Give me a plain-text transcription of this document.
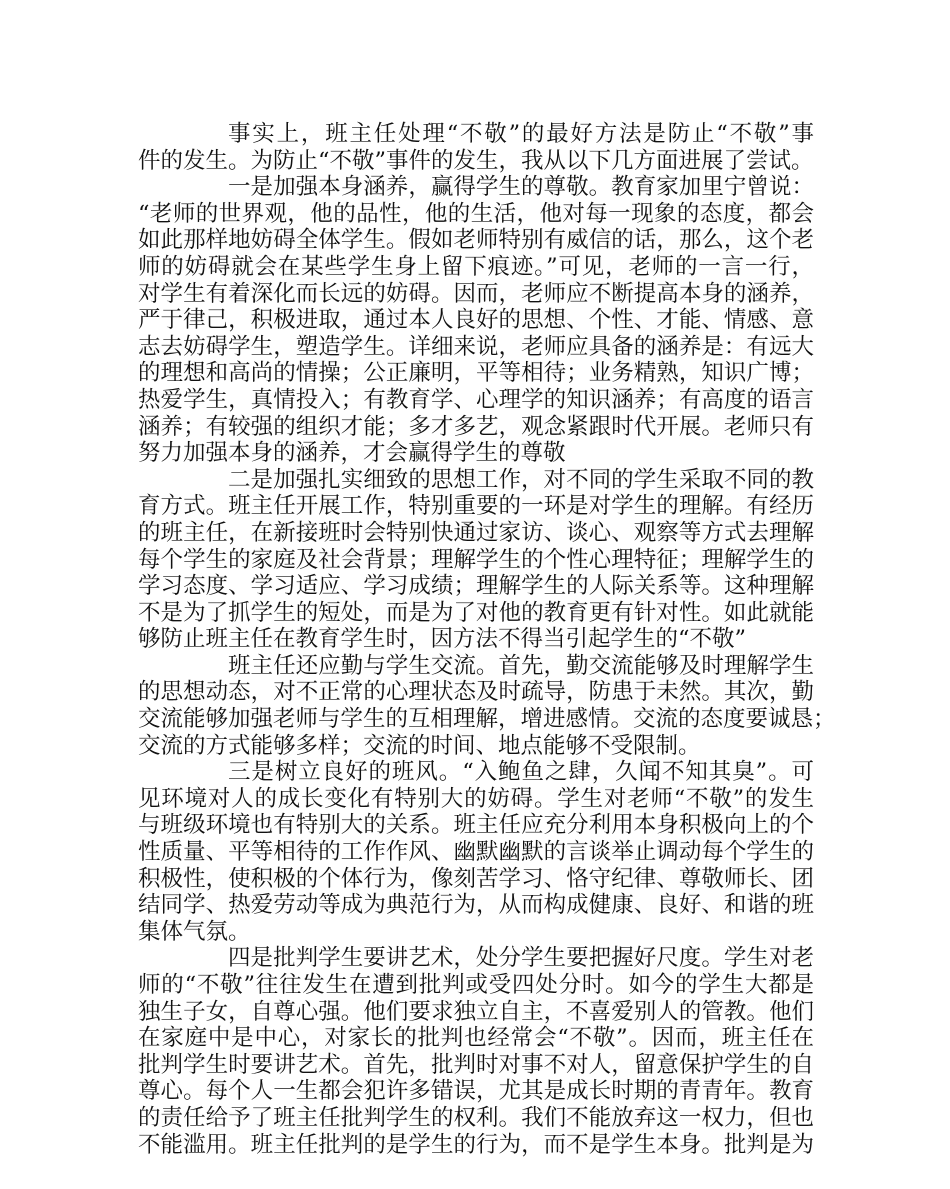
事实上，班主任处理“不敬”的最好方法是防止“不敬”事
件的发生。为防止“不敬”事件的发生，我从以下几方面进展了尝试。
一是加强本身涵养，赢得学生的尊敬。教育家加里宁曾说：
“老师的世界观，他的品性，他的生活，他对每一现象的态度，都会
如此那样地妨碍全体学生。假如老师特别有威信的话，那么，这个老
师的妨碍就会在某些学生身上留下痕迹。”可见，老师的一言一行，
对学生有着深化而长远的妨碍。因而，老师应不断提高本身的涵养，
严于律己，积极进取，通过本人良好的思想、个性、才能、情感、意
志去妨碍学生，塑造学生。详细来说，老师应具备的涵养是：有远大
的理想和高尚的情操；公正廉明，平等相待；业务精熟，知识广博；
热爱学生，真情投入；有教育学、心理学的知识涵养；有高度的语言
涵养；有较强的组织才能；多才多艺，观念紧跟时代开展。老师只有
努力加强本身的涵养，才会赢得学生的尊敬
二是加强扎实细致的思想工作，对不同的学生采取不同的教
育方式。班主任开展工作，特别重要的一环是对学生的理解。有经历
的班主任，在新接班时会特别快通过家访、谈心、观察等方式去理解
每个学生的家庭及社会背景；理解学生的个性心理特征；理解学生的
学习态度、学习适应、学习成绩；理解学生的人际关系等。这种理解
不是为了抓学生的短处，而是为了对他的教育更有针对性。如此就能
够防止班主任在教育学生时，因方法不得当引起学生的“不敬”
班主任还应勤与学生交流。首先，勤交流能够及时理解学生
的思想动态，对不正常的心理状态及时疏导，防患于未然。其次，勤
交流能够加强老师与学生的互相理解，增进感情。交流的态度要诚恳；
交流的方式能够多样；交流的时间、地点能够不受限制。
三是树立良好的班风。“入鲍鱼之肆，久闻不知其臭”。可
见环境对人的成长变化有特别大的妨碍。学生对老师“不敬”的发生
与班级环境也有特别大的关系。班主任应充分利用本身积极向上的个
性质量、平等相待的工作作风、幽默幽默的言谈举止调动每个学生的
积极性，使积极的个体行为，像刻苦学习、恪守纪律、尊敬师长、团
结同学、热爱劳动等成为典范行为，从而构成健康、良好、和谐的班
集体气氛。
四是批判学生要讲艺术，处分学生要把握好尺度。学生对老
师的“不敬”往往发生在遭到批判或受四处分时。如今的学生大都是
独生子女，自尊心强。他们要求独立自主，不喜爱别人的管教。他们
在家庭中是中心，对家长的批判也经常会“不敬”。因而，班主任在
批判学生时要讲艺术。首先，批判时对事不对人，留意保护学生的自
尊心。每个人一生都会犯许多错误，尤其是成长时期的青青年。教育
的责任给予了班主任批判学生的权利。我们不能放弃这一权力，但也
不能滥用。班主任批判的是学生的行为，而不是学生本身。批判是为
